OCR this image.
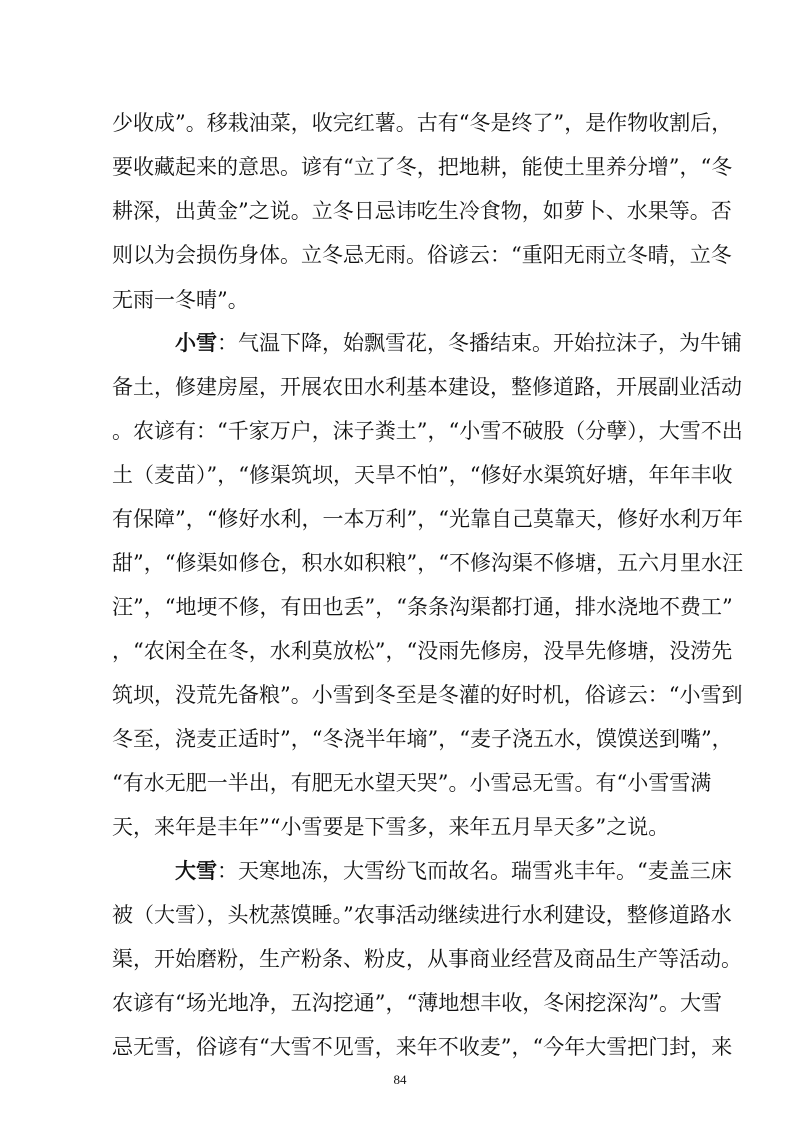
少收成”。移栽油菜，收完红薯。古有“冬是终了”，是作物收割后，
要收藏起来的意思。谚有“立了冬，把地耕，能使土里养分增”，“冬
耕深，出黄金”之说。立冬日忌讳吃生冷食物，如萝卜、水果等。否
则以为会损伤身体。立冬忌无雨。俗谚云：“重阳无雨立冬晴，立冬
无雨一冬晴”。
小雪：气温下降，始飘雪花，冬播结束。开始拉沫子，为牛铺
备土，修建房屋，开展农田水利基本建设，整修道路，开展副业活动
。农谚有：“千家万户，沫子粪土”，“小雪不破股（分孽），大雪不出
土（麦苗）”，“修渠筑坝，天旱不怕”，“修好水渠筑好塘，年年丰收
有保障”，“修好水利，一本万利”，“光靠自己莫靠天，修好水利万年
甜”，“修渠如修仓，积水如积粮”，“不修沟渠不修塘，五六月里水汪
汪”，“地埂不修，有田也丢”，“条条沟渠都打通，排水浇地不费工”
，“农闲全在冬，水利莫放松”，“没雨先修房，没旱先修塘，没涝先
筑坝，没荒先备粮”。小雪到冬至是冬灌的好时机，俗谚云：“小雪到
冬至，浇麦正适时”，“冬浇半年墒”，“麦子浇五水，馍馍送到嘴”，
“有水无肥一半出，有肥无水望天哭”。小雪忌无雪。有“小雪雪满
天，来年是丰年”“小雪要是下雪多，来年五月旱天多”之说。
大雪：天寒地冻，大雪纷飞而故名。瑞雪兆丰年。“麦盖三床
被（大雪），头枕蒸馍睡。”农事活动继续进行水利建设，整修道路水
渠，开始磨粉，生产粉条、粉皮，从事商业经营及商品生产等活动。
农谚有“场光地净，五沟挖通”，“薄地想丰收，冬闲挖深沟”。大雪
忌无雪，俗谚有“大雪不见雪，来年不收麦”，“今年大雪把门封，来
84
